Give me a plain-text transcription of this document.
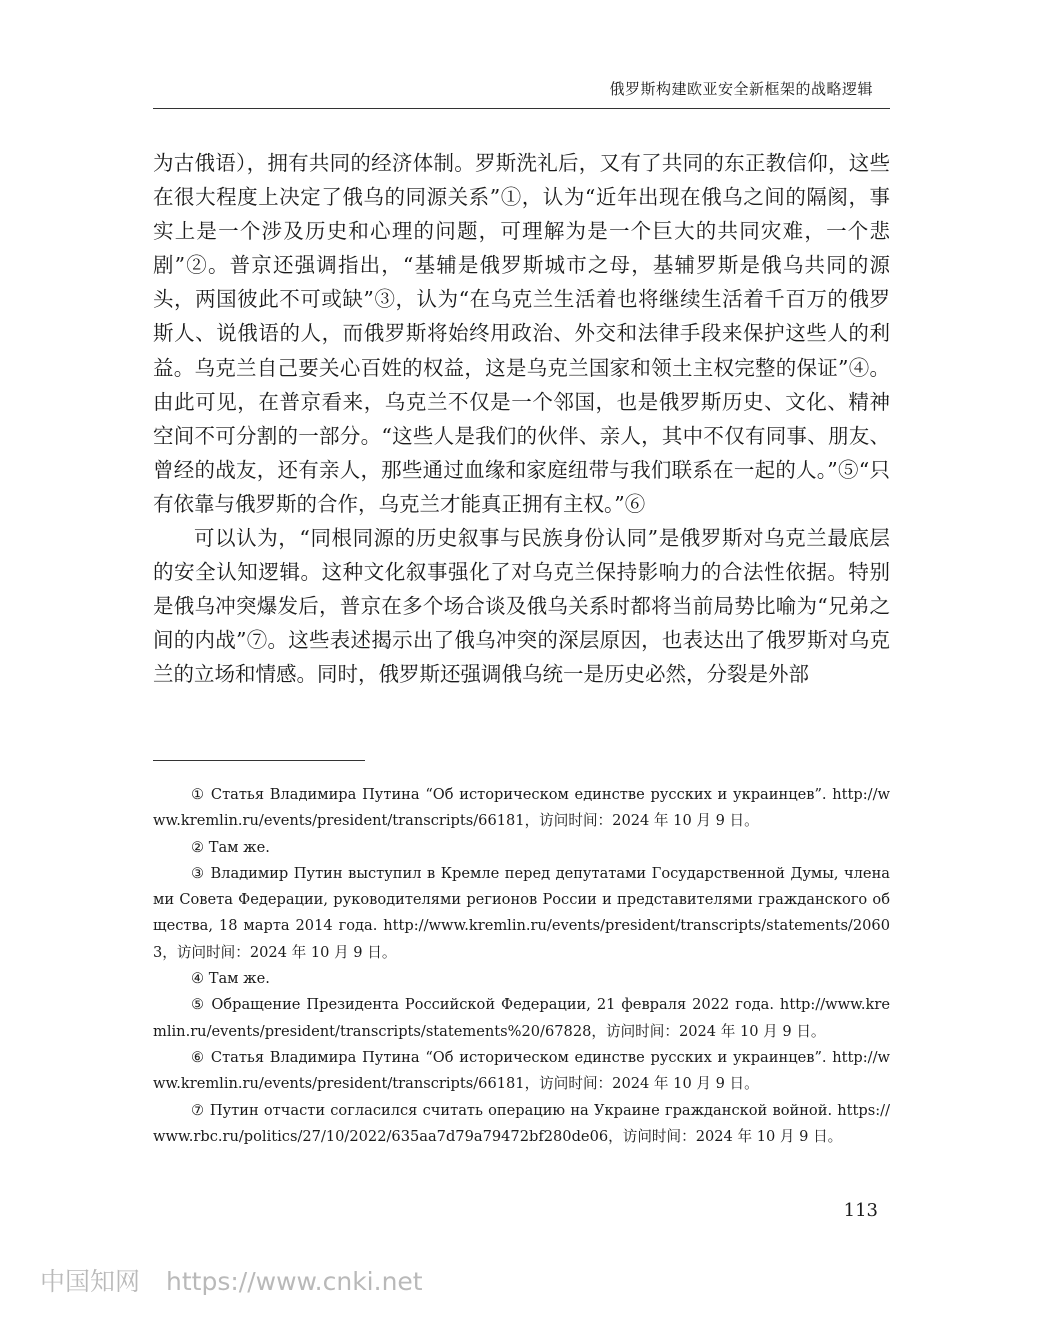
俄罗斯构建欧亚安全新框架的战略逻辑

为古俄语），拥有共同的经济体制。罗斯洗礼后，又有了共同的东正教信仰，这些在很大程度上决定了俄乌的同源关系”①，认为“近年出现在俄乌之间的隔阂，事实上是一个涉及历史和心理的问题，可理解为是一个巨大的共同灾难，一个悲剧”②。普京还强调指出，“基辅是俄罗斯城市之母，基辅罗斯是俄乌共同的源头，两国彼此不可或缺”③，认为“在乌克兰生活着也将继续生活着千百万的俄罗斯人、说俄语的人，而俄罗斯将始终用政治、外交和法律手段来保护这些人的利益。乌克兰自己要关心百姓的权益，这是乌克兰国家和领土主权完整的保证”④。由此可见，在普京看来，乌克兰不仅是一个邻国，也是俄罗斯历史、文化、精神空间不可分割的一部分。“这些人是我们的伙伴、亲人，其中不仅有同事、朋友、曾经的战友，还有亲人，那些通过血缘和家庭纽带与我们联系在一起的人。”⑤“只有依靠与俄罗斯的合作，乌克兰才能真正拥有主权。”⑥

可以认为，“同根同源的历史叙事与民族身份认同”是俄罗斯对乌克兰最底层的安全认知逻辑。这种文化叙事强化了对乌克兰保持影响力的合法性依据。特别是俄乌冲突爆发后，普京在多个场合谈及俄乌关系时都将当前局势比喻为“兄弟之间的内战”⑦。这些表述揭示出了俄乌冲突的深层原因，也表达出了俄罗斯对乌克兰的立场和情感。同时，俄罗斯还强调俄乌统一是历史必然，分裂是外部

① Статья Владимира Путина “Об историческом единстве русских и украинцев”. http://www.kremlin.ru/events/president/transcripts/66181，访问时间：2024 年 10 月 9 日。

② Там же.

③ Владимир Путин выступил в Кремле перед депутатами Государственной Думы, членами Совета Федерации, руководителями регионов России и представителями гражданского общества, 18 марта 2014 года. http://www.kremlin.ru/events/president/transcripts/statements/20603，访问时间：2024 年 10 月 9 日。

④ Там же.

⑤ Обращение Президента Российской Федерации, 21 февраля 2022 года. http://www.kremlin.ru/events/president/transcripts/statements%20/67828，访问时间：2024 年 10 月 9 日。

⑥ Статья Владимира Путина “Об историческом единстве русских и украинцев”. http://www.kremlin.ru/events/president/transcripts/66181，访问时间：2024 年 10 月 9 日。

⑦ Путин отчасти согласился считать операцию на Украине гражданской войной. https://www.rbc.ru/politics/27/10/2022/635aa7d79a79472bf280de06，访问时间：2024 年 10 月 9 日。

113
中国知网 https://www.cnki.net
